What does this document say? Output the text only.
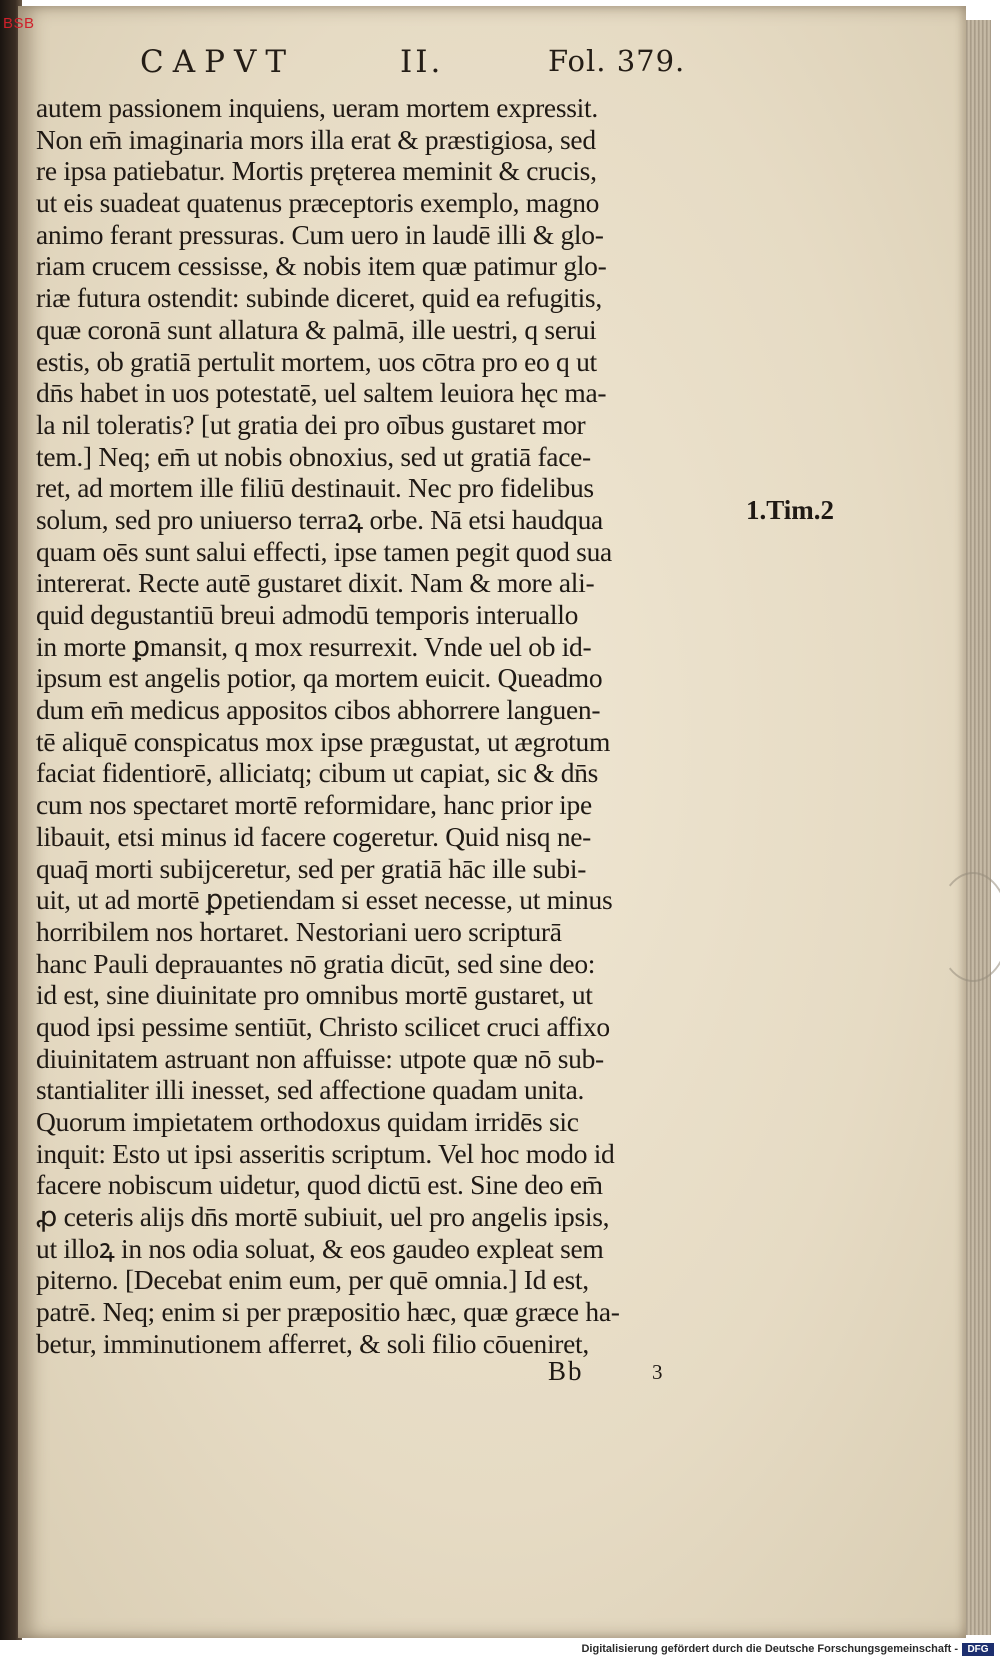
BSB
CAPVT	II.	Fol. 379.
autem passionem inquiens, ueram mortem expressit.
Non em̄ imaginaria mors illa erat & præstigiosa, sed
re ipsa patiebatur. Mortis pręterea meminit & crucis,
ut eis suadeat quatenus præceptoris exemplo, magno
animo ferant pressuras. Cum uero in laudē illi & glo-
riam crucem cessisse, & nobis item quæ patimur glo-
riæ futura ostendit: subinde diceret, quid ea refugitis,
quæ coronā sunt allatura & palmā, ille uestri, q serui
estis, ob gratiā pertulit mortem, uos cōtra pro eo q ut
dn̄s habet in uos potestatē, uel saltem leuiora hęc ma-
la nil toleratis? [ut gratia dei pro oībus gustaret mor
tem.] Neq; em̄ ut nobis obnoxius, sed ut gratiā face-
ret, ad mortem ille filiū destinauit. Nec pro fidelibus
solum, sed pro uniuerso terraꝝ orbe. Nā etsi haudqua
quam oēs sunt salui effecti, ipse tamen pegit quod sua
intererat. Recte autē gustaret dixit. Nam & more ali-
quid degustantiū breui admodū temporis interuallo
in morte ꝑmansit, q mox resurrexit. Vnde uel ob id-
ipsum est angelis potior, qa mortem euicit. Queadmo
dum em̄ medicus appositos cibos abhorrere languen-
tē aliquē conspicatus mox ipse prægustat, ut ægrotum
faciat fidentiorē, alliciatq; cibum ut capiat, sic & dn̄s
cum nos spectaret mortē reformidare, hanc prior ipe
libauit, etsi minus id facere cogeretur. Quid nisq ne-
quaq̄ morti subijceretur, sed per gratiā hāc ille subi-
uit, ut ad mortē ꝑpetiendam si esset necesse, ut minus
horribilem nos hortaret. Nestoriani uero scripturā
hanc Pauli deprauantes nō gratia dicūt, sed sine deo:
id est, sine diuinitate pro omnibus mortē gustaret, ut
quod ipsi pessime sentiūt, Christo scilicet cruci affixo
diuinitatem astruant non affuisse: utpote quæ nō sub-
stantialiter illi inesset, sed affectione quadam unita.
Quorum impietatem orthodoxus quidam irridēs sic
inquit: Esto ut ipsi asseritis scriptum. Vel hoc modo id
facere nobiscum uidetur, quod dictū est. Sine deo em̄
ꝓ ceteris alijs dn̄s mortē subiuit, uel pro angelis ipsis,
ut illoꝝ in nos odia soluat, & eos gaudeo expleat sem
piterno. [Decebat enim eum, per quē omnia.] Id est,
patrē. Neq; enim si per præpositio hæc, quæ græce ha-
betur, imminutionem afferret, & soli filio cōueniret,
1.Tim.2
Bb	3
Digitalisierung gefördert durch die Deutsche Forschungsgemeinschaft - DFG
